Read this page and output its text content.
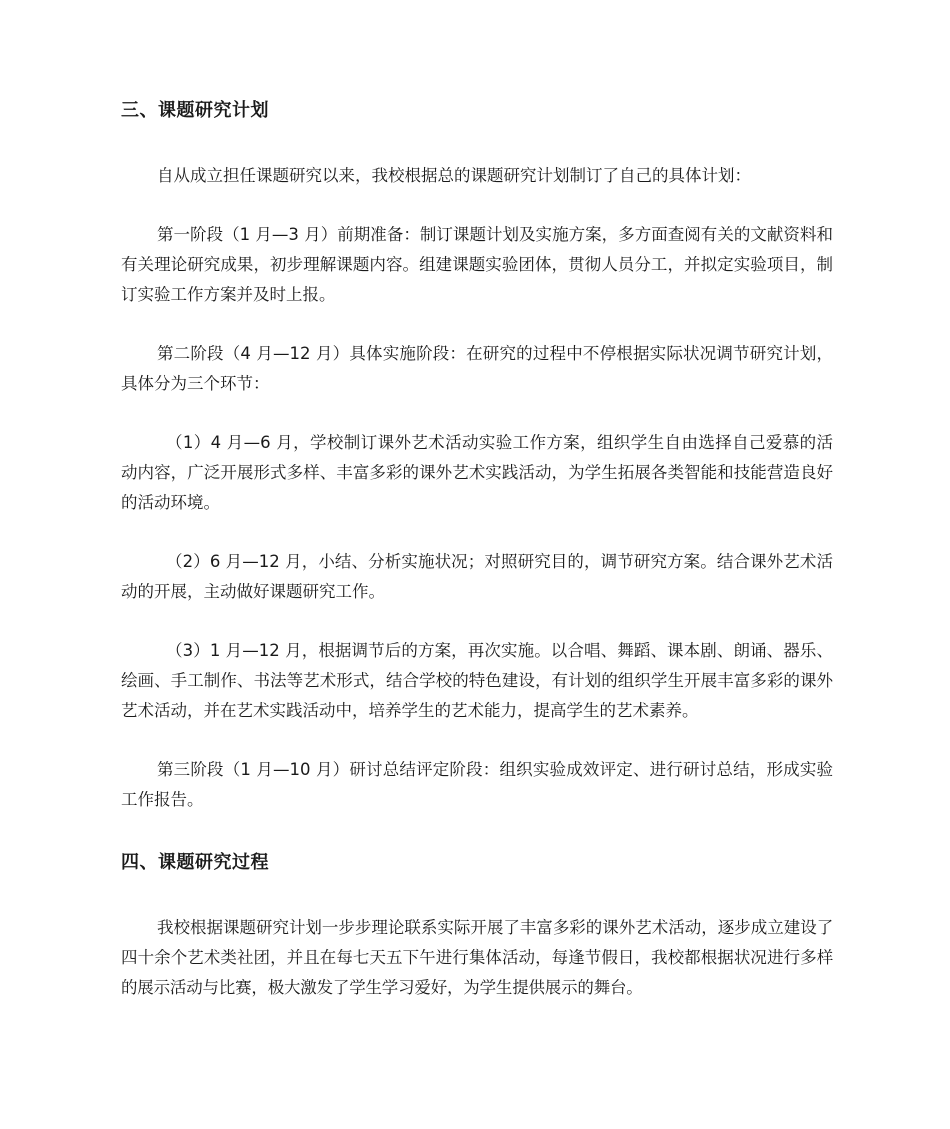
三、课题研究计划

自从成立担任课题研究以来，我校根据总的课题研究计划制订了自己的具体计划：

第一阶段（1 月—3 月）前期准备：制订课题计划及实施方案，多方面查阅有关的文献资料和有关理论研究成果，初步理解课题内容。组建课题实验团体，贯彻人员分工，并拟定实验项目，制订实验工作方案并及时上报。

第二阶段（4 月—12 月）具体实施阶段：在研究的过程中不停根据实际状况调节研究计划，具体分为三个环节：

（1）4 月—6 月，学校制订课外艺术活动实验工作方案，组织学生自由选择自己爱慕的活动内容，广泛开展形式多样、丰富多彩的课外艺术实践活动，为学生拓展各类智能和技能营造良好的活动环境。

（2）6 月—12 月，小结、分析实施状况；对照研究目的，调节研究方案。结合课外艺术活动的开展，主动做好课题研究工作。

（3）1 月—12 月，根据调节后的方案，再次实施。以合唱、舞蹈、课本剧、朗诵、器乐、绘画、手工制作、书法等艺术形式，结合学校的特色建设，有计划的组织学生开展丰富多彩的课外艺术活动，并在艺术实践活动中，培养学生的艺术能力，提高学生的艺术素养。

第三阶段（1 月—10 月）研讨总结评定阶段：组织实验成效评定、进行研讨总结，形成实验工作报告。

四、课题研究过程

我校根据课题研究计划一步步理论联系实际开展了丰富多彩的课外艺术活动，逐步成立建设了四十余个艺术类社团，并且在每七天五下午进行集体活动，每逢节假日，我校都根据状况进行多样的展示活动与比赛，极大激发了学生学习爱好，为学生提供展示的舞台。
